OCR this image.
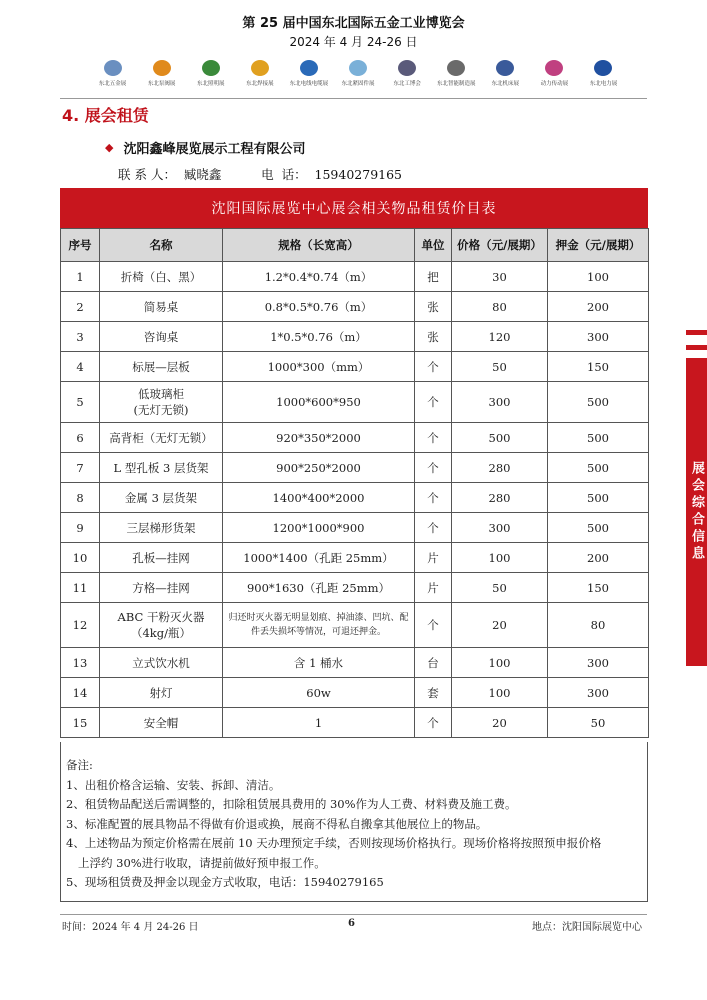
第 25 届中国东北国际五金工业博览会
2024 年 4 月 24-26 日
东北五金展	东北泵阀展	东北照明展	东北焊接展	东北电线电缆展 东北紧固件展	东北工博会	东北智能制造展	东北机床展	动力传动展	东北电力展
4. 展会租赁
◆ 沈阳鑫峰展览展示工程有限公司
联 系 人：  臧晓鑫          电  话：  15940279165
沈阳国际展览中心展会相关物品租赁价目表
序号	名称	规格（长宽高）	单位	价格（元/展期）	押金（元/展期）
1	折椅（白、黑）	1.2*0.4*0.74（m）	把	30	100
2	简易桌	0.8*0.5*0.76（m）	张	80	200
3	咨询桌	1*0.5*0.76（m）	张	120	300
4	标展—层板	1000*300（mm）	个	50	150
5	低玻璃柜
(无灯无锁)	1000*600*950	个	300	500
6	高背柜（无灯无锁）	920*350*2000	个	500	500
7	L 型孔板 3 层货架	900*250*2000	个	280	500
8	金属 3 层货架	1400*400*2000	个	280	500
9	三层梯形货架	1200*1000*900	个	300	500
10	孔板—挂网	1000*1400（孔距 25mm）	片	100	200
11	方格—挂网	900*1630（孔距 25mm）	片	50	150
12	ABC 干粉灭火器
（4kg/瓶）	归还时灭火器无明显划痕、掉油漆、凹坑、配件丢失损坏等情况，可退还押金。	个	20	80
13	立式饮水机	含 1 桶水	台	100	300
14	射灯	60w	套	100	300
15	安全帽	1	个	20	50
备注:
1、出租价格含运输、安装、拆卸、清洁。
2、租赁物品配送后需调整的，扣除租赁展具费用的 30%作为人工费、材料费及施工费。
3、标准配置的展具物品不得做有价退或换，展商不得私自搬拿其他展位上的物品。
4、上述物品为预定价格需在展前 10 天办理预定手续，否则按现场价格执行。现场价格将按照预申报价格
上浮约 30%进行收取，请提前做好预申报工作。
5、现场租赁费及押金以现金方式收取，电话：15940279165
时间：2024 年 4 月 24-26 日	6	地点：沈阳国际展览中心
展会综合信息
